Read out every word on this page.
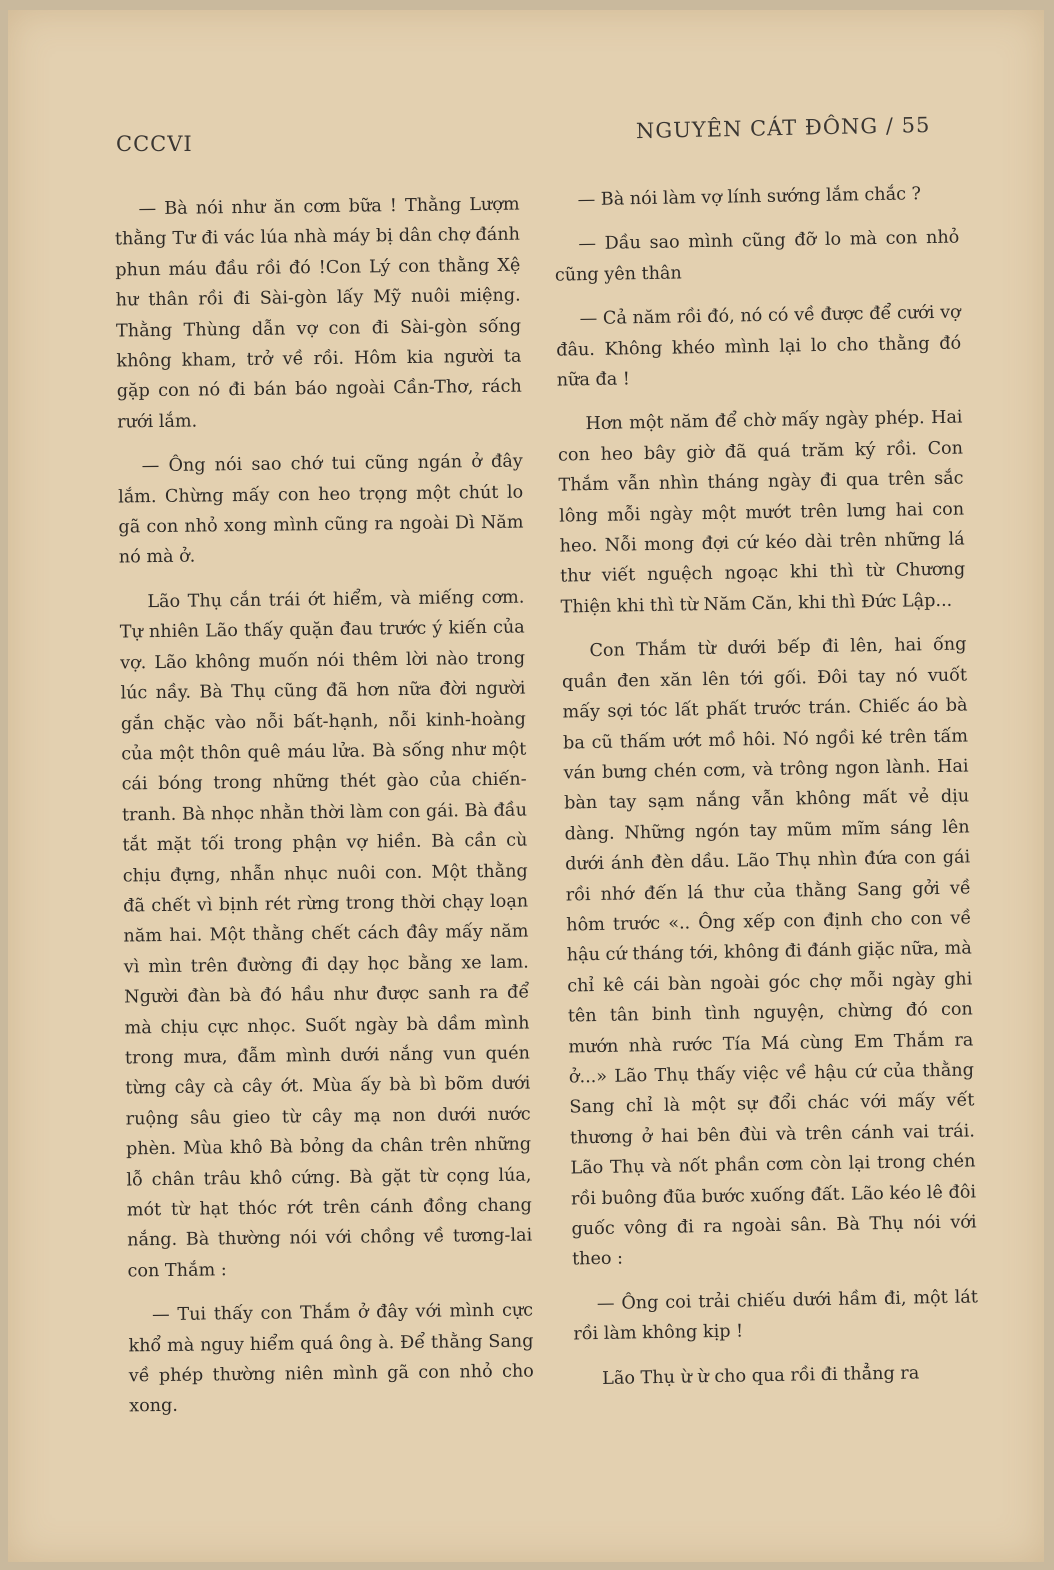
CCCVI
NGUYÊN CÁT ĐÔNG / 55

— Bà nói như ăn cơm bữa ! Thằng Lượm thằng Tư đi vác lúa nhà máy bị dân chợ đánh phun máu đầu rồi đó !Con Lý con thằng Xệ hư thân rồi đi Sài-gòn lấy Mỹ nuôi miệng. Thằng Thùng dẫn vợ con đi Sài-gòn sống không kham, trở về rồi. Hôm kia người ta gặp con nó đi bán báo ngoài Cần-Thơ, rách rưới lắm.

— Ông nói sao chớ tui cũng ngán ở đây lắm. Chừng mấy con heo trọng một chút lo gã con nhỏ xong mình cũng ra ngoài Dì Năm nó mà ở.

Lão Thụ cắn trái ớt hiểm, và miếng cơm. Tự nhiên Lão thấy quặn đau trước ý kiến của vợ. Lão không muốn nói thêm lời nào trong lúc nầy. Bà Thụ cũng đã hơn nữa đời người gắn chặc vào nỗi bất-hạnh, nỗi kinh-hoàng của một thôn quê máu lửa. Bà sống như một cái bóng trong những thét gào của chiến-tranh. Bà nhọc nhằn thời làm con gái. Bà đầu tắt mặt tối trong phận vợ hiền. Bà cần cù chịu đựng, nhẫn nhục nuôi con. Một thằng đã chết vì bịnh rét rừng trong thời chạy loạn năm hai. Một thằng chết cách đây mấy năm vì mìn trên đường đi dạy học bằng xe lam. Người đàn bà đó hầu như được sanh ra để mà chịu cực nhọc. Suốt ngày bà dầm mình trong mưa, đẫm mình dưới nắng vun quén từng cây cà cây ớt. Mùa ấy bà bì bõm dưới ruộng sâu gieo từ cây mạ non dưới nước phèn. Mùa khô Bà bỏng da chân trên những lỗ chân trâu khô cứng. Bà gặt từ cọng lúa, mót từ hạt thóc rớt trên cánh đồng chang nắng. Bà thường nói với chồng về tương-lai con Thắm :

— Tui thấy con Thắm ở đây với mình cực khổ mà nguy hiểm quá ông à. Để thằng Sang về phép thường niên mình gã con nhỏ cho xong.

— Bà nói làm vợ lính sướng lắm chắc ?

— Dầu sao mình cũng đỡ lo mà con nhỏ cũng yên thân

— Cả năm rồi đó, nó có về được để cưới vợ đâu. Không khéo mình lại lo cho thằng đó nữa đa !

Hơn một năm để chờ mấy ngày phép. Hai con heo bây giờ đã quá trăm ký rồi. Con Thắm vẫn nhìn tháng ngày đi qua trên sắc lông mỗi ngày một mướt trên lưng hai con heo. Nỗi mong đợi cứ kéo dài trên những lá thư viết nguệch ngoạc khi thì từ Chương Thiện khi thì từ Năm Căn, khi thì Đức Lập...

Con Thắm từ dưới bếp đi lên, hai ống quần đen xăn lên tới gối. Đôi tay nó vuốt mấy sợi tóc lất phất trước trán. Chiếc áo bà ba cũ thấm ướt mồ hôi. Nó ngồi ké trên tấm ván bưng chén cơm, và trông ngon lành. Hai bàn tay sạm nắng vẫn không mất vẻ dịu dàng. Những ngón tay mũm mĩm sáng lên dưới ánh đèn dầu. Lão Thụ nhìn đứa con gái rồi nhớ đến lá thư của thằng Sang gởi về hôm trước «.. Ông xếp con định cho con về hậu cứ tháng tới, không đi đánh giặc nữa, mà chỉ kê cái bàn ngoài góc chợ mỗi ngày ghi tên tân binh tình nguyện, chừng đó con mướn nhà rước Tía Má cùng Em Thắm ra ở...» Lão Thụ thấy việc về hậu cứ của thằng Sang chỉ là một sự đổi chác với mấy vết thương ở hai bên đùi và trên cánh vai trái. Lão Thụ và nốt phần cơm còn lại trong chén rồi buông đũa bước xuống đất. Lão kéo lê đôi guốc vông đi ra ngoài sân. Bà Thụ nói với theo :

— Ông coi trải chiếu dưới hầm đi, một lát rồi làm không kịp !

Lão Thụ ừ ừ cho qua rồi đi thẳng ra
